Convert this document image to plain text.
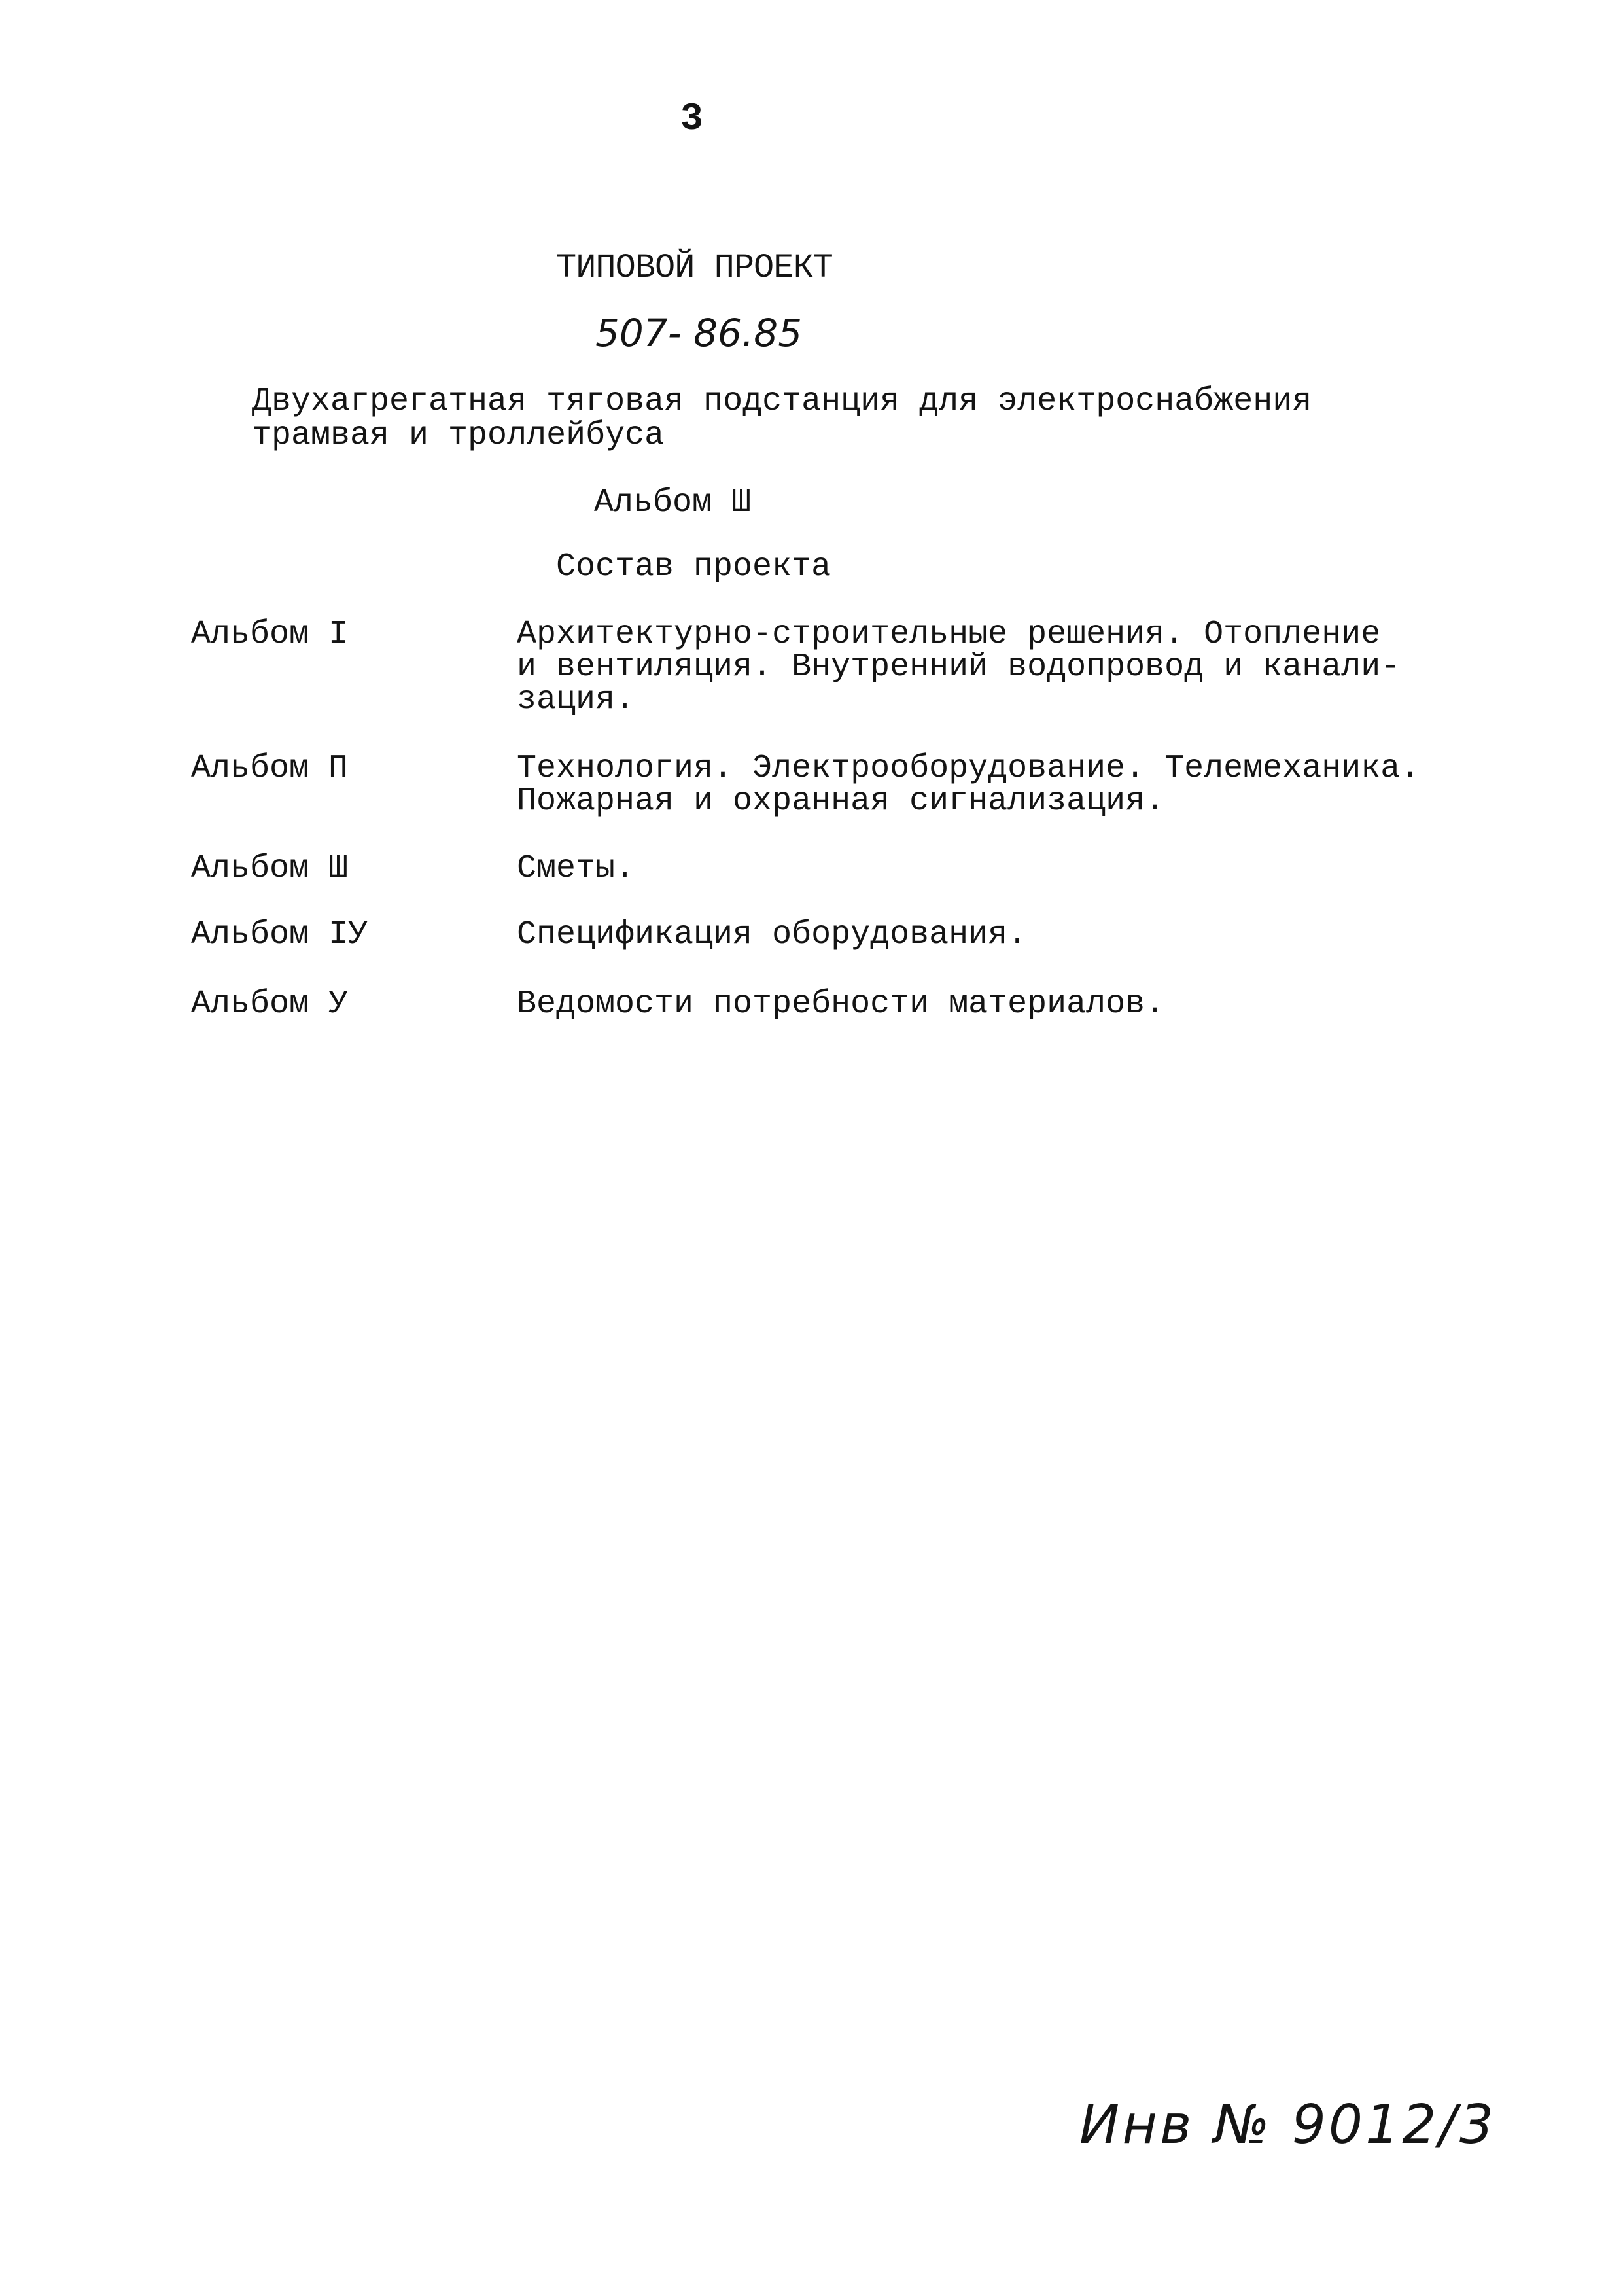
3
ТИПОВОЙ ПРОЕКТ
507- 86.85
Двухагрегатная тяговая подстанция для электроснабжения
трамвая и троллейбуса
Альбом Ш
Состав проекта
Альбом I	Архитектурно-строительные решения. Отопление
и вентиляция. Внутренний водопровод и канали-
зация.
Альбом П	Технология. Электрооборудование. Телемеханика.
Пожарная и охранная сигнализация.
Альбом Ш	Сметы.
Альбом IУ	Спецификация оборудования.
Альбом У	Ведомости потребности материалов.
Инв № 9012/3
